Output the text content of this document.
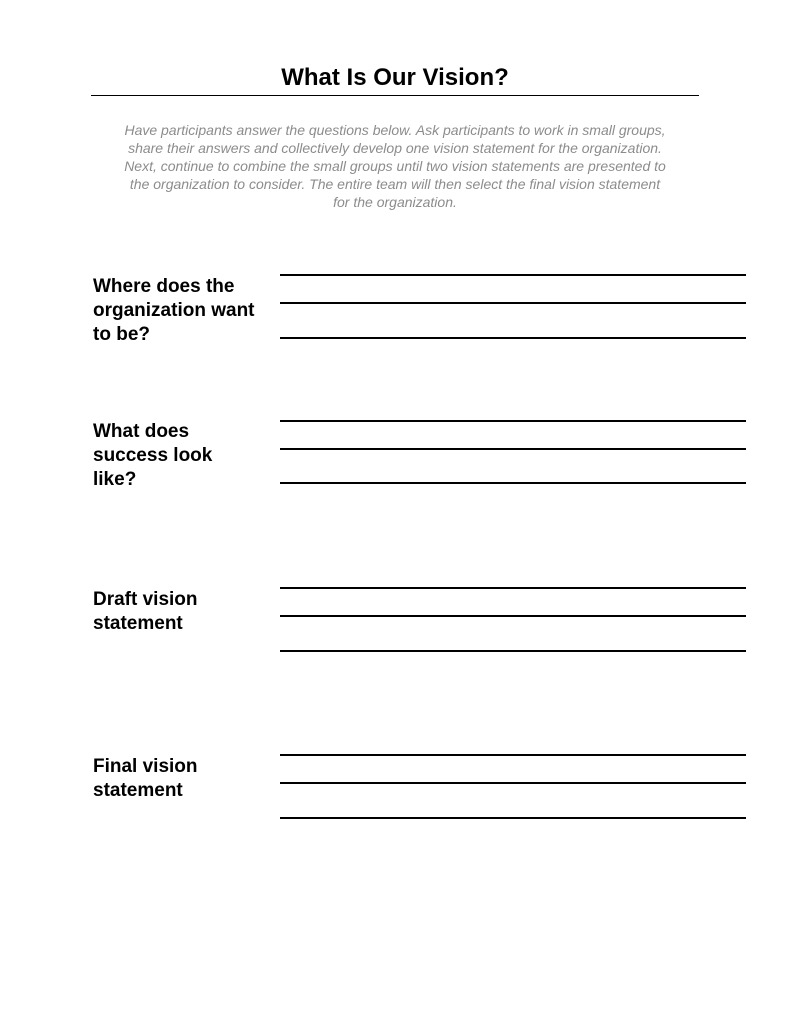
What Is Our Vision?
Have participants answer the questions below. Ask participants to work in small groups,
share their answers and collectively develop one vision statement for the organization.
Next, continue to combine the small groups until two vision statements are presented to
the organization to consider. The entire team will then select the final vision statement
for the organization.
Where does the
organization want
to be?
What does
success look
like?
Draft vision
statement
Final vision
statement
